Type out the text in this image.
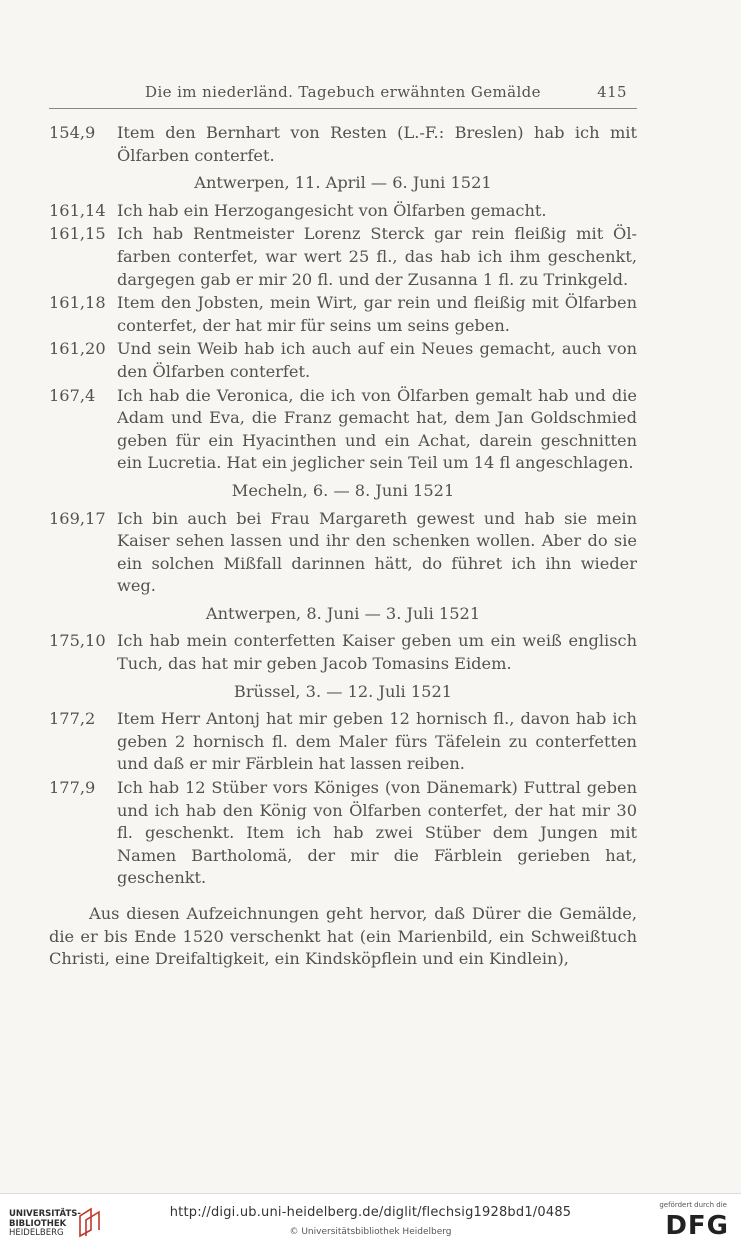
Die im niederländ. Tagebuch erwähnten Gemälde	415
154,9	Item den Bernhart von Resten (L.-F.: Breslen) hab ich mit Ölfarben conterfet.
Antwerpen, 11. April — 6. Juni 1521
161,14 Ich hab ein Herzogangesicht von Ölfarben gemacht.
161,15 Ich hab Rentmeister Lorenz Sterck gar rein fleißig mit Ölfarben conterfet, war wert 25 fl., das hab ich ihm geschenkt, dargegen gab er mir 20 fl. und der Zusanna 1 fl. zu Trinkgeld.
161,18 Item den Jobsten, mein Wirt, gar rein und fleißig mit Ölfarben conterfet, der hat mir für seins um seins geben.
161,20 Und sein Weib hab ich auch auf ein Neues gemacht, auch von den Ölfarben conterfet.
167,4	Ich hab die Veronica, die ich von Ölfarben gemalt hab und die Adam und Eva, die Franz gemacht hat, dem Jan Goldschmied geben für ein Hyacinthen und ein Achat, darein geschnitten ein Lucretia. Hat ein jeglicher sein Teil um 14 fl angeschlagen.
Mecheln, 6. — 8. Juni 1521
169,17 Ich bin auch bei Frau Margareth gewest und hab sie mein Kaiser sehen lassen und ihr den schenken wollen. Aber do sie ein solchen Mißfall darinnen hätt, do führet ich ihn wieder weg.
Antwerpen, 8. Juni — 3. Juli 1521
175,10 Ich hab mein conterfetten Kaiser geben um ein weiß englisch Tuch, das hat mir geben Jacob Tomasins Eidem.
Brüssel, 3. — 12. Juli 1521
177,2	Item Herr Antonj hat mir geben 12 hornisch fl., davon hab ich geben 2 hornisch fl. dem Maler fürs Täfelein zu conterfetten und daß er mir Färblein hat lassen reiben.
177,9	Ich hab 12 Stüber vors Königes (von Dänemark) Futtral geben und ich hab den König von Ölfarben conterfet, der hat mir 30 fl. geschenkt. Item ich hab zwei Stüber dem Jungen mit Namen Bartholomä, der mir die Färblein gerieben hat, geschenkt.
Aus diesen Aufzeichnungen geht hervor, daß Dürer die Gemälde, die er bis Ende 1520 verschenkt hat (ein Marienbild, ein Schweißtuch Christi, eine Dreifaltigkeit, ein Kindsköpflein und ein Kindlein),
UNIVERSITÄTS-
BIBLIOTHEK
HEIDELBERG
http://digi.ub.uni-heidelberg.de/diglit/flechsig1928bd1/0485
© Universitätsbibliothek Heidelberg
gefördert durch die
DFG
